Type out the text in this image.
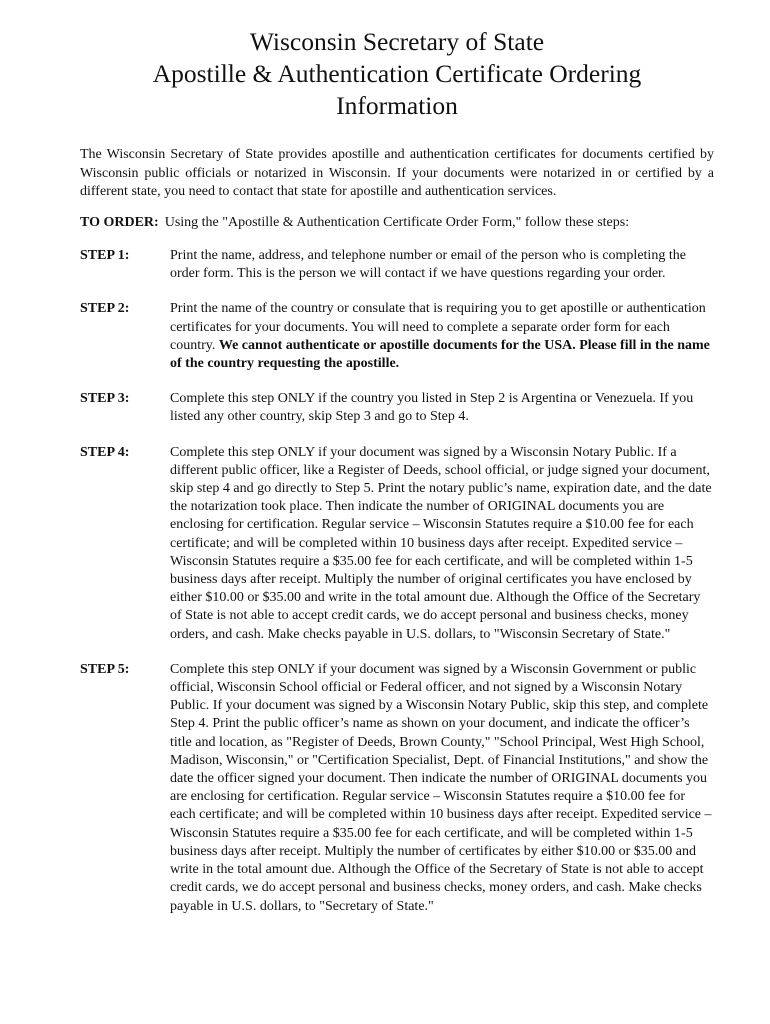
Wisconsin Secretary of State
Apostille & Authentication Certificate Ordering
Information

The Wisconsin Secretary of State provides apostille and authentication certificates for documents certified by Wisconsin public officials or notarized in Wisconsin. If your documents were notarized in or certified by a different state, you need to contact that state for apostille and authentication services.

TO ORDER: Using the "Apostille & Authentication Certificate Order Form," follow these steps:
STEP 1:	Print the name, address, and telephone number or email of the person who is completing the order form. This is the person we will contact if we have questions regarding your order.
STEP 2:	Print the name of the country or consulate that is requiring you to get apostille or authentication certificates for your documents. You will need to complete a separate order form for each country. We cannot authenticate or apostille documents for the USA. Please fill in the name of the country requesting the apostille.
STEP 3:	Complete this step ONLY if the country you listed in Step 2 is Argentina or Venezuela. If you listed any other country, skip Step 3 and go to Step 4.
STEP 4:	Complete this step ONLY if your document was signed by a Wisconsin Notary Public. If a different public officer, like a Register of Deeds, school official, or judge signed your document, skip step 4 and go directly to Step 5. Print the notary public’s name, expiration date, and the date the notarization took place. Then indicate the number of ORIGINAL documents you are enclosing for certification. Regular service – Wisconsin Statutes require a $10.00 fee for each certificate; and will be completed within 10 business days after receipt. Expedited service – Wisconsin Statutes require a $35.00 fee for each certificate, and will be completed within 1-5 business days after receipt. Multiply the number of original certificates you have enclosed by either $10.00 or $35.00 and write in the total amount due. Although the Office of the Secretary of State is not able to accept credit cards, we do accept personal and business checks, money orders, and cash. Make checks payable in U.S. dollars, to "Wisconsin Secretary of State."
STEP 5:	Complete this step ONLY if your document was signed by a Wisconsin Government or public official, Wisconsin School official or Federal officer, and not signed by a Wisconsin Notary Public. If your document was signed by a Wisconsin Notary Public, skip this step, and complete Step 4. Print the public officer’s name as shown on your document, and indicate the officer’s title and location, as "Register of Deeds, Brown County," "School Principal, West High School, Madison, Wisconsin," or "Certification Specialist, Dept. of Financial Institutions," and show the date the officer signed your document. Then indicate the number of ORIGINAL documents you are enclosing for certification. Regular service – Wisconsin Statutes require a $10.00 fee for each certificate; and will be completed within 10 business days after receipt. Expedited service – Wisconsin Statutes require a $35.00 fee for each certificate, and will be completed within 1-5 business days after receipt. Multiply the number of certificates by either $10.00 or $35.00 and write in the total amount due. Although the Office of the Secretary of State is not able to accept credit cards, we do accept personal and business checks, money orders, and cash. Make checks payable in U.S. dollars, to "Secretary of State."
